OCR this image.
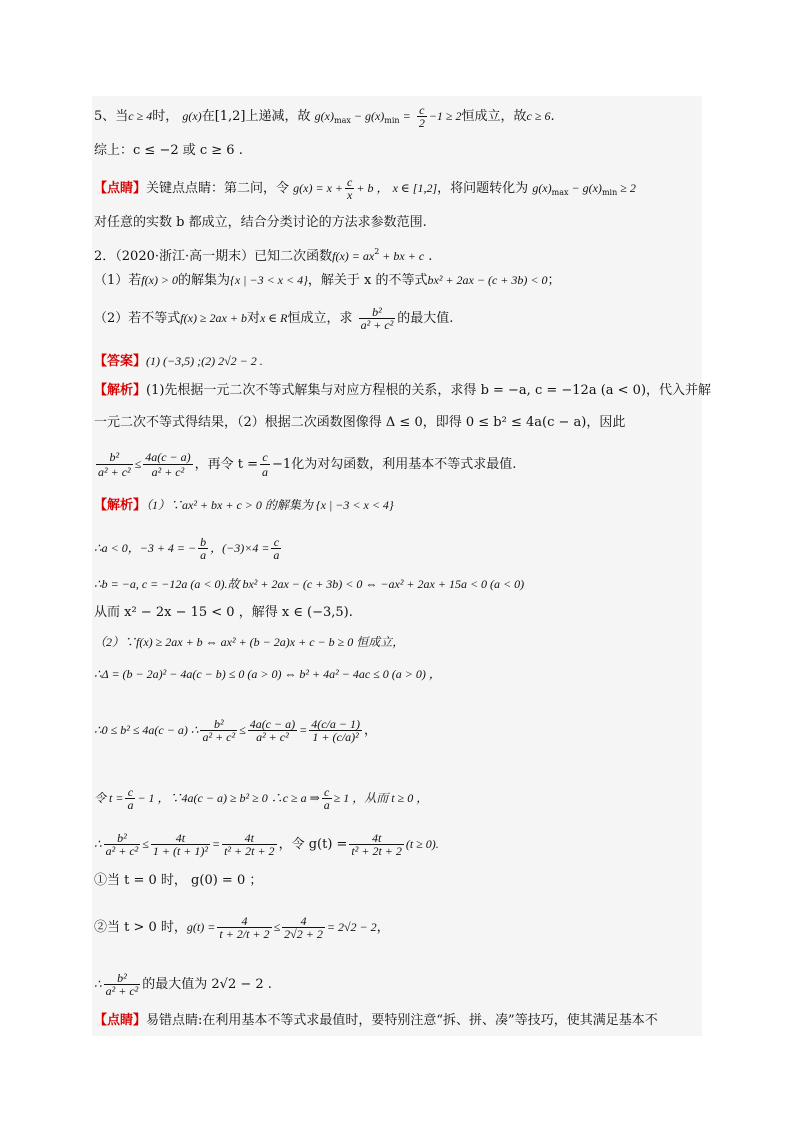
5、当c ≥ 4时， g(x)在[1,2]上递减，故 $g(x)_{max} - g(x)_{min} = \frac{c}{2} -1 \ge 2$恒成立，故c ≥ 6.
综上：c ≤ −2 或 c ≥ 6 .
【点睛】关键点点睛：第二问，令 $g(x) = x + \frac{c}{x} + b$ ， x ∈ [1,2]，将问题转化为 $g(x)_{max} - g(x)_{min} \ge 2$
对任意的实数 b 都成立，结合分类讨论的方法求参数范围.
2．（2020·浙江·高一期末）已知二次函数$f(x) = ax^2$ + bx + c .
（1）若f(x) > 0的解集为{x | −3 < x < 4}，解关于 x 的不等式bx² + 2ax − (c + 3b) < 0；
（2）若不等式f(x) ≥ 2ax + b对x ∈ R恒成立，求 $\frac{\text{b²}}{\text{a² + c²}}$ 的最大值.
【答案】(1) (−3,5) ;(2) 2√2 − 2 .
【解析】(1)先根据一元二次不等式解集与对应方程根的关系，求得 b = −a, c = −12a (a < 0)，代入并解
一元二次不等式得结果，（2）根据二次函数图像得 Δ ≤ 0，即得 0 ≤ b² ≤ 4a(c − a)，因此
$\frac{\text{b²}}{\text{a² + c²}} \le \frac{4a(c - a)}{\text{a² + c²}}$ ，再令 $t = \frac{c}{a} -1$化为对勾函数，利用基本不等式求最值.
【解析】（1）∵ax² + bx + c > 0 的解集为 {x | −3 < x < 4}
∴a < 0，−3 + 4 = − $\frac{b}{a}$ ，$(-3)\times 4 = \frac{c}{a}$
∴b = −a, c = −12a (a < 0).故 bx² + 2ax − (c + 3b) < 0 ⇔ −ax² + 2ax + 15a < 0 (a < 0)
从而 x² − 2x − 15 < 0 ，解得 x ∈ (−3,5).
（2）∵f(x) ≥ 2ax + b ⇔ ax² + (b − 2a)x + c − b ≥ 0 恒成立，
∴Δ = (b − 2a)² − 4a(c − b) ≤ 0 (a > 0) ⇔ b² + 4a² − 4ac ≤ 0 (a > 0) ，
∴0 ≤ b² ≤ 4a(c − a) ∴ $\frac{\text{b²}}{\text{a² + c²}} \le \frac{4a(c - a)}{\text{a² + c²}} = \frac{4(c/a - 1)}{\text{1 + (c/a)²}}$ ，
令 $t = \frac{c}{a} - 1$ ，∵4a(c − a) ≥ b² ≥ 0 ∴c ≥ a ⇒ $\frac{c}{a} \ge 1$ ，从而 t ≥ 0 ，
∴ $\frac{\text{b²}}{\text{a² + c²}} \le \frac{4t}{\text{1 + (t + 1)²}} = \frac{4t}{\text{t² + 2t + 2}}$ ，令 $g(t) = \frac{4t}{\text{t² + 2t + 2}} (t \ge 0)$.
①当 t = 0 时， g(0) = 0 ；
②当 t > 0 时，$g(t) = \frac{4}{t + 2/t + 2} \le \frac{4}{2√2 + 2} = 2√2 - 2$，
∴ $\frac{\text{b²}}{\text{a² + c²}}$ 的最大值为 2√2 − 2 .
【点睛】易错点睛:在利用基本不等式求最值时，要特别注意“拆、拼、凑”等技巧，使其满足基本不
